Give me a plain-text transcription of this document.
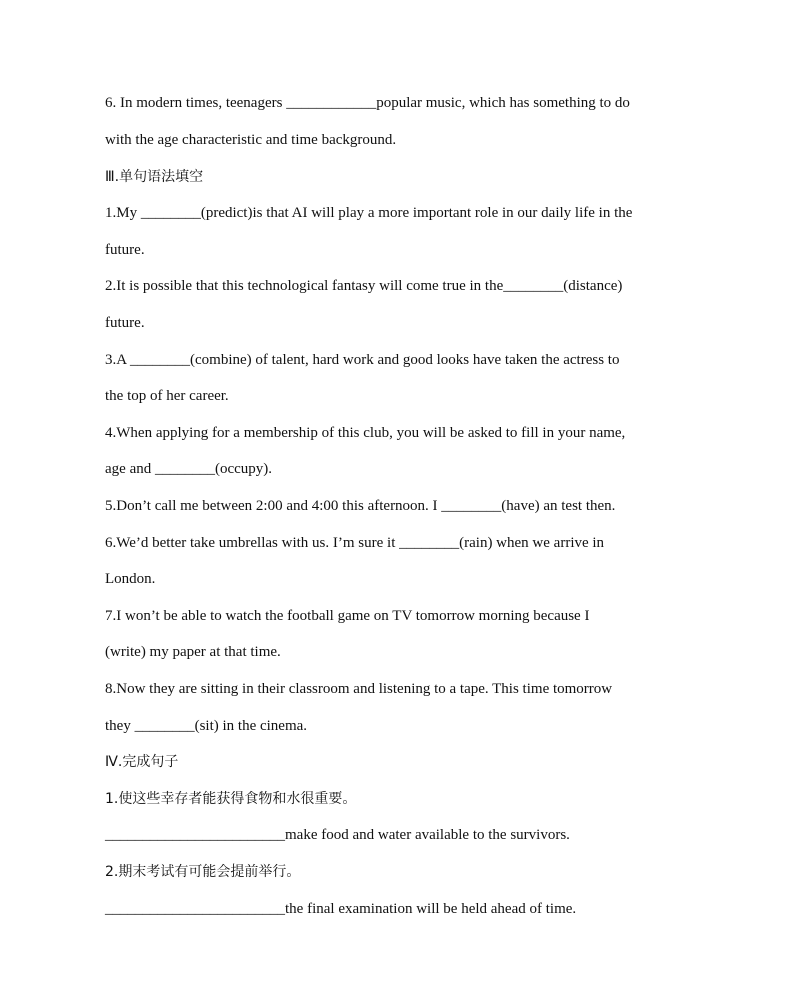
6. In modern times, teenagers ____________popular music, which has something to do
with the age characteristic and time background.
Ⅲ.单句语法填空
1.My ________(predict)is that AI will play a more important role in our daily life in the
future.
2.It is possible that this technological fantasy will come true in the________(distance)
future.
3.A ________(combine) of talent, hard work and good looks have taken the actress to
the top of her career.
4.When applying for a membership of this club, you will be asked to fill in your name,
age and ________(occupy).
5.Don’t call me between 2:00 and 4:00 this afternoon. I ________(have) an test then.
6.We’d better take umbrellas with us. I’m sure it ________(rain) when we arrive in
London.
7.I won’t be able to watch the football game on TV tomorrow morning because I
(write) my paper at that time.
8.Now they are sitting in their classroom and listening to a tape. This time tomorrow
they ________(sit) in the cinema.
Ⅳ.完成句子
1.使这些幸存者能获得食物和水很重要。
________________________make food and water available to the survivors.
2.期末考试有可能会提前举行。
________________________the final examination will be held ahead of time.
